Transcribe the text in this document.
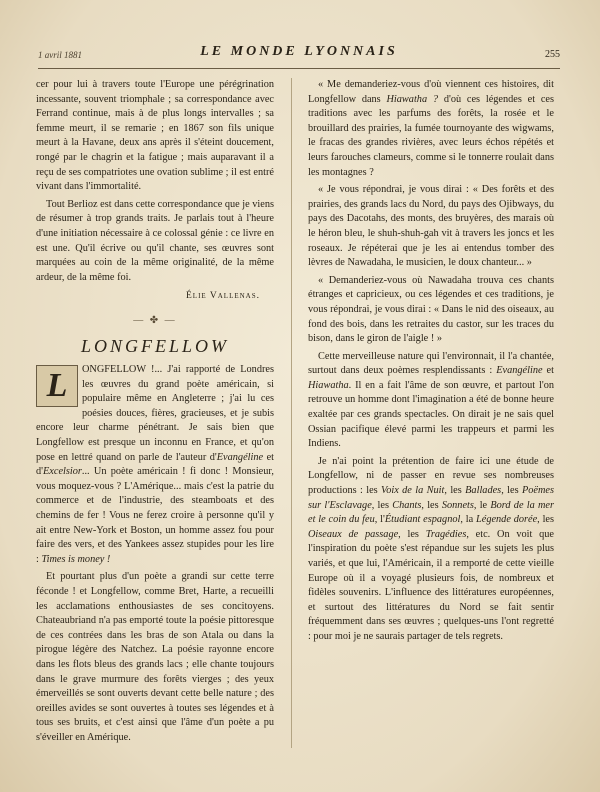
1 avril 1881	LE MONDE LYONNAIS	255

cer pour lui à travers toute l'Europe une pérégrination incessante, souvent triomphale ; sa correspondance avec Ferrand continue, mais à de plus longs intervalles ; sa femme meurt, il se remarie ; en 1867 son fils unique meurt à la Havane, deux ans après il s'éteint doucement, rongé par le chagrin et la fatigue ; mais auparavant il a reçu de ses compatriotes une ovation sublime ; il est entré vivant dans l'immortalité.

Tout Berlioz est dans cette correspondance que je viens de résumer à trop grands traits. Je parlais tout à l'heure d'une initiation nécessaire à ce colossal génie : ce livre en est une. Qu'il écrive ou qu'il chante, ses œuvres sont marquées au coin de la même originalité, de la même ardeur, de la même foi.

Élie Vallenas.
— ✤ —
LONGFELLOW

L	ONGFELLOW !... J'ai rapporté de Londres les œuvres du grand poète américain, si populaire même en Angleterre ; j'ai lu ces poésies douces, fières, gracieuses, et je subis encore leur charme pénétrant. Je sais bien que Longfellow est presque un inconnu en France, et qu'on pose en lettré quand on parle de l'auteur d'Evangéline et d'Excelsior... Un poète américain ! fi donc ! Monsieur, vous moquez-vous ? L'Amérique... mais c'est la patrie du commerce et de l'industrie, des steamboats et des chemins de fer ! Vous ne ferez croire à personne qu'il y ait entre New-York et Boston, un homme assez fou pour faire des vers, et des Yankees assez stupides pour les lire : Times is money !

Et pourtant plus d'un poète a grandi sur cette terre féconde ! et Longfellow, comme Bret, Harte, a recueilli les acclamations enthousiastes de ses concitoyens. Chateaubriand n'a pas emporté toute la poésie pittoresque de ces contrées dans les bras de son Atala ou dans la pirogue légère des Natchez. La poésie rayonne encore dans les flots bleus des grands lacs ; elle chante toujours dans le grave murmure des forêts vierges ; des yeux émerveillés se sont ouverts devant cette belle nature ; des oreilles avides se sont ouvertes à toutes ses légendes et à tous ses bruits, et c'est ainsi que l'âme d'un poète a pu s'éveiller en Amérique.

« Me demanderiez-vous d'où viennent ces histoires, dit Longfellow dans Hiawatha ? d'où ces légendes et ces traditions avec les parfums des forêts, la rosée et le brouillard des prairies, la fumée tournoyante des wigwams, le fracas des grandes rivières, avec leurs échos répétés et leurs farouches clameurs, comme si le tonnerre roulait dans les montagnes ?

« Je vous répondrai, je vous dirai : « Des forêts et des prairies, des grands lacs du Nord, du pays des Ojibways, du pays des Dacotahs, des monts, des bruyères, des marais où le héron bleu, le shuh-shuh-gah vit à travers les joncs et les roseaux. Je répéterai que je les ai entendus tomber des lèvres de Nawadaha, le musicien, le doux chanteur... »

« Demanderiez-vous où Nawadaha trouva ces chants étranges et capricieux, ou ces légendes et ces traditions, je vous répondrai, je vous dirai : « Dans le nid des oiseaux, au fond des bois, dans les retraites du castor, sur les traces du bison, dans le giron de l'aigle ! »

Cette merveilleuse nature qui l'environnait, il l'a chantée, surtout dans deux poèmes resplendissants : Evangéline et Hiawatha. Il en a fait l'âme de son œuvre, et partout l'on retrouve un homme dont l'imagination a été de bonne heure exaltée par ces grands spectacles. On dirait je ne sais quel Ossian pacifique élevé parmi les trappeurs et parmi les Indiens.

Je n'ai point la prétention de faire ici une étude de Longfellow, ni de passer en revue ses nombreuses productions : les Voix de la Nuit, les Ballades, les Poëmes sur l'Esclavage, les Chants, les Sonnets, le Bord de la mer et le coin du feu, l'Étudiant espagnol, la Légende dorée, les Oiseaux de passage, les Tragédies, etc. On voit que l'inspiration du poète s'est répandue sur les sujets les plus variés, et que lui, l'Américain, il a remporté de cette vieille Europe où il a voyagé plusieurs fois, de nombreux et fidèles souvenirs. L'influence des littératures européennes, et surtout des littératures du Nord se fait sentir fréquemment dans ses œuvres ; quelques-uns l'ont regretté : pour moi je ne saurais partager de tels regrets.
